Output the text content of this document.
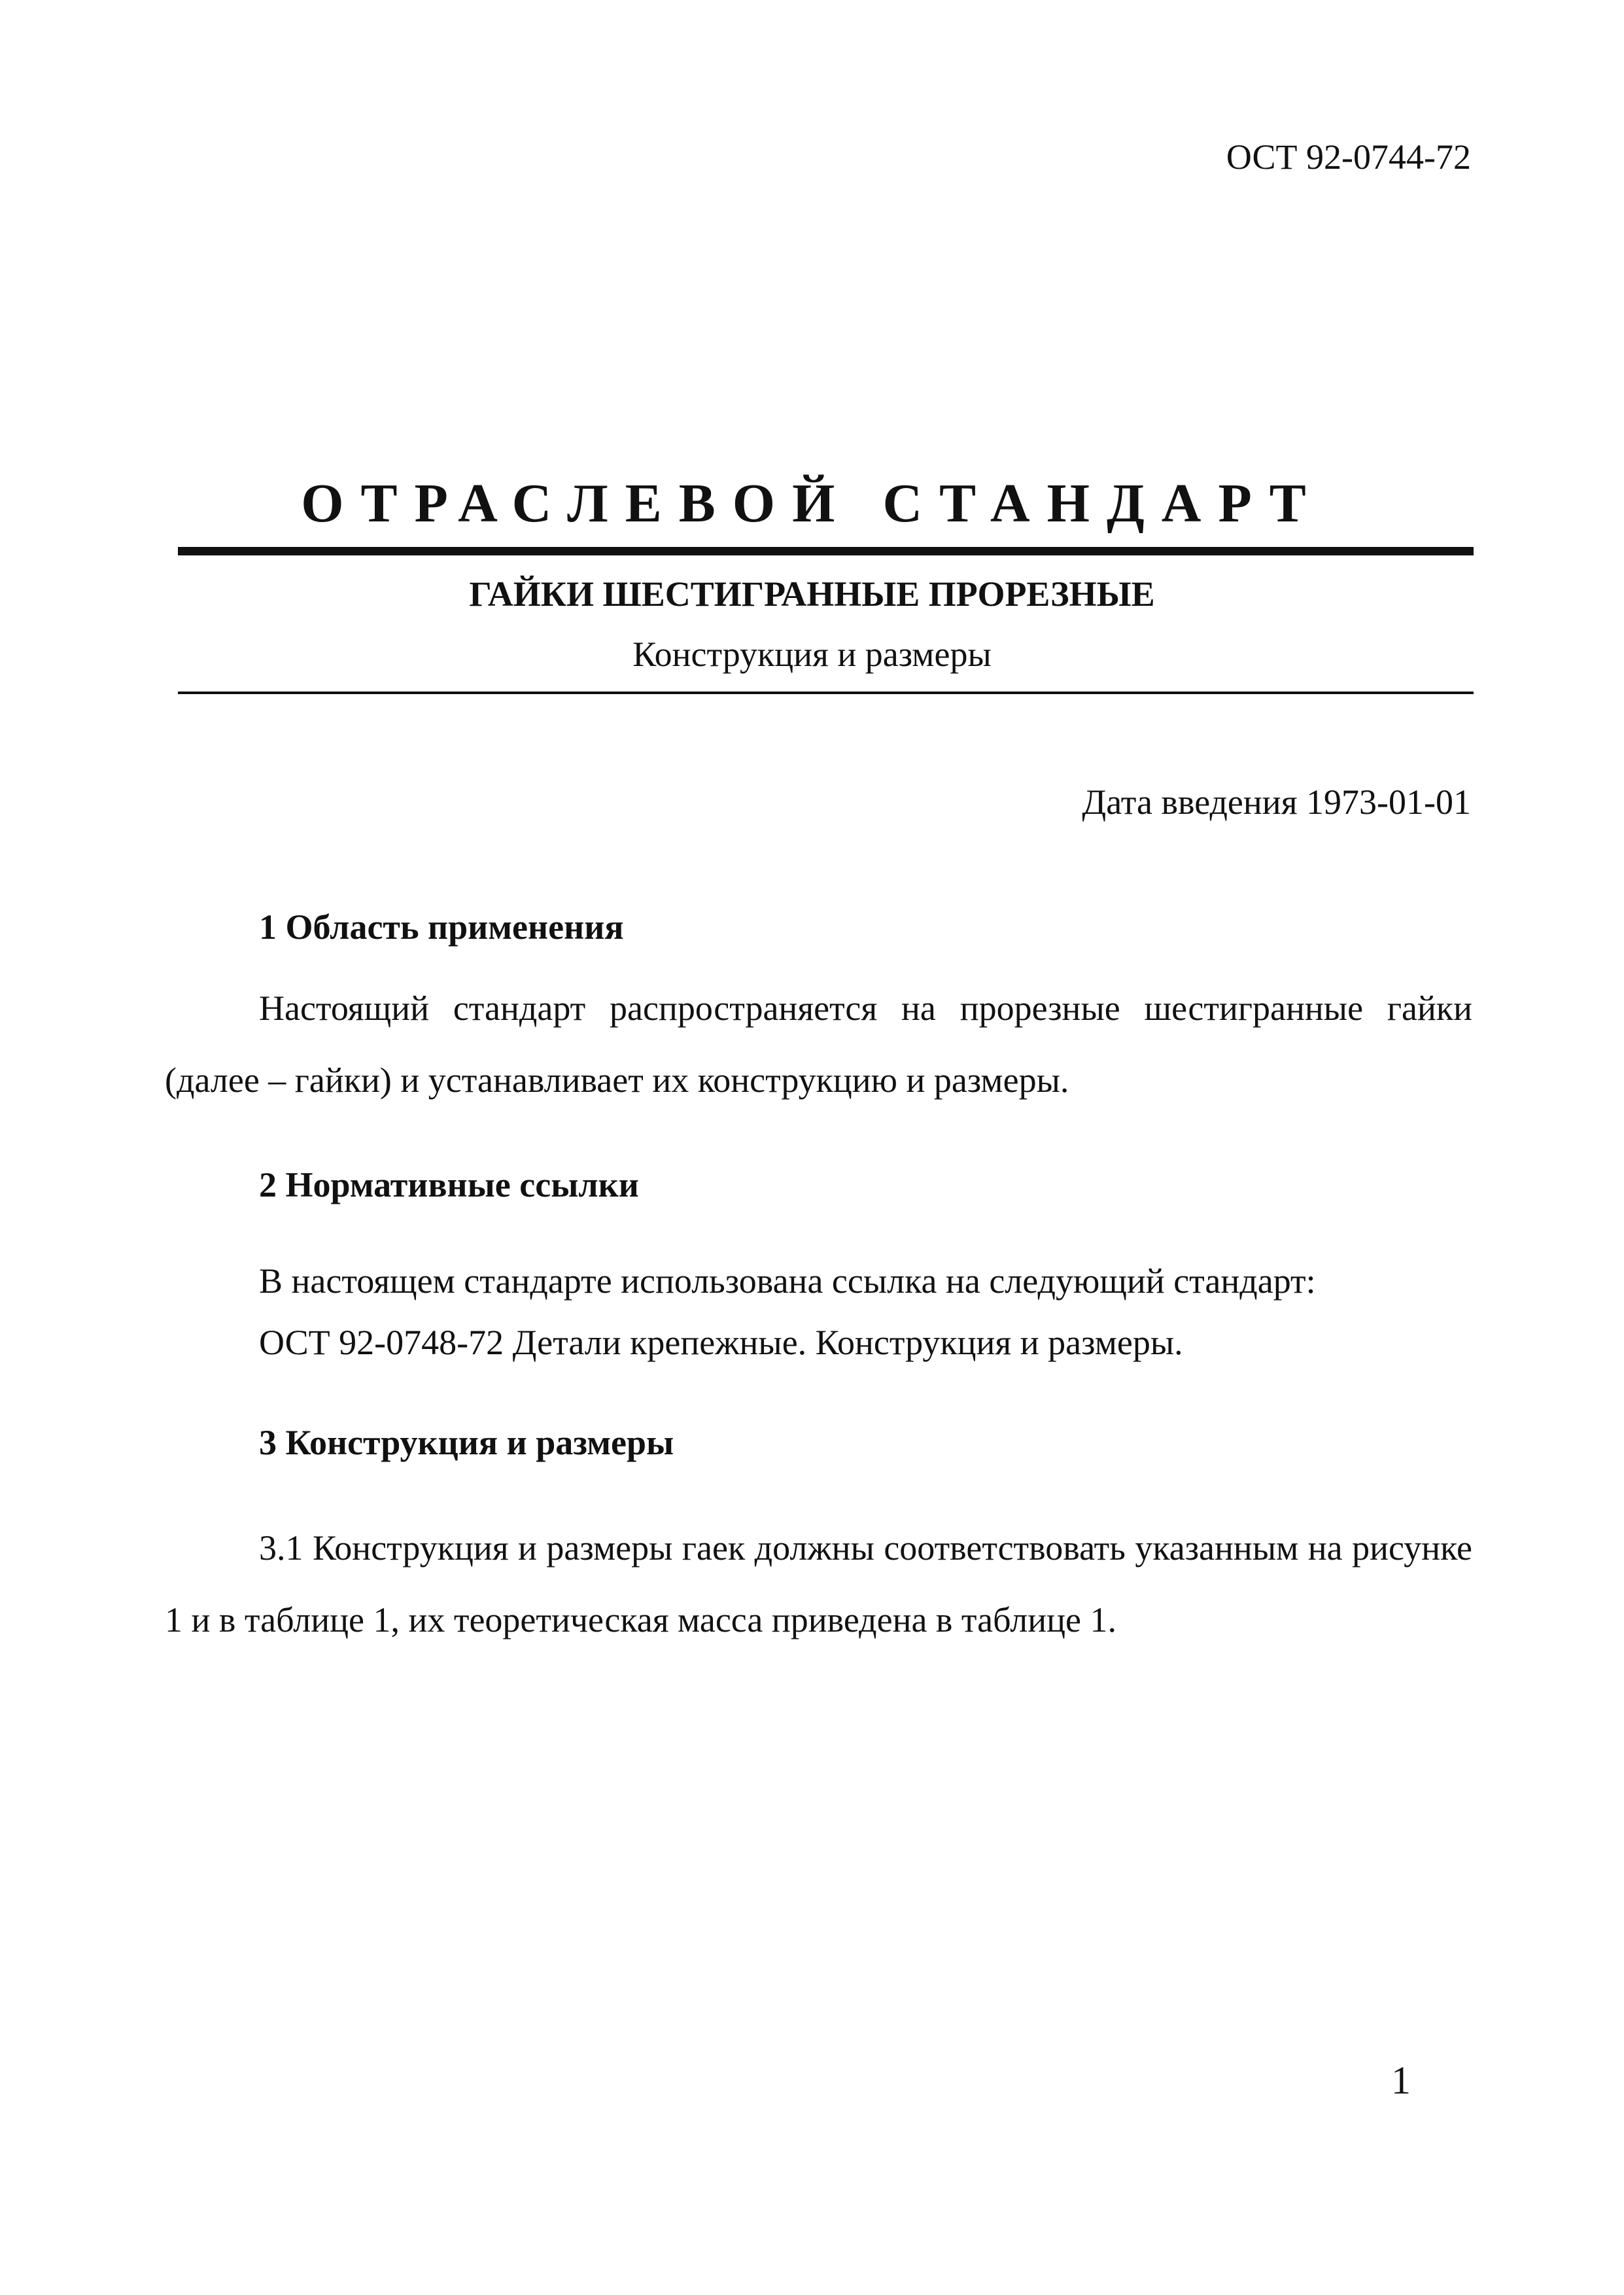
ОСТ 92-0744-72
ОТРАСЛЕВОЙ СТАНДАРТ
ГАЙКИ ШЕСТИГРАННЫЕ ПРОРЕЗНЫЕ
Конструкция и размеры
Дата введения 1973-01-01
1 Область применения
Настоящий стандарт распространяется на прорезные шестигранные гайки (далее – гайки) и устанавливает их конструкцию и размеры.
2 Нормативные ссылки
В настоящем стандарте использована ссылка на следующий стандарт:
ОСТ 92-0748-72 Детали крепежные. Конструкция и размеры.
3 Конструкция и размеры
3.1 Конструкция и размеры гаек должны соответствовать указанным на рисунке 1 и в таблице 1, их теоретическая масса приведена в таблице 1.
1
